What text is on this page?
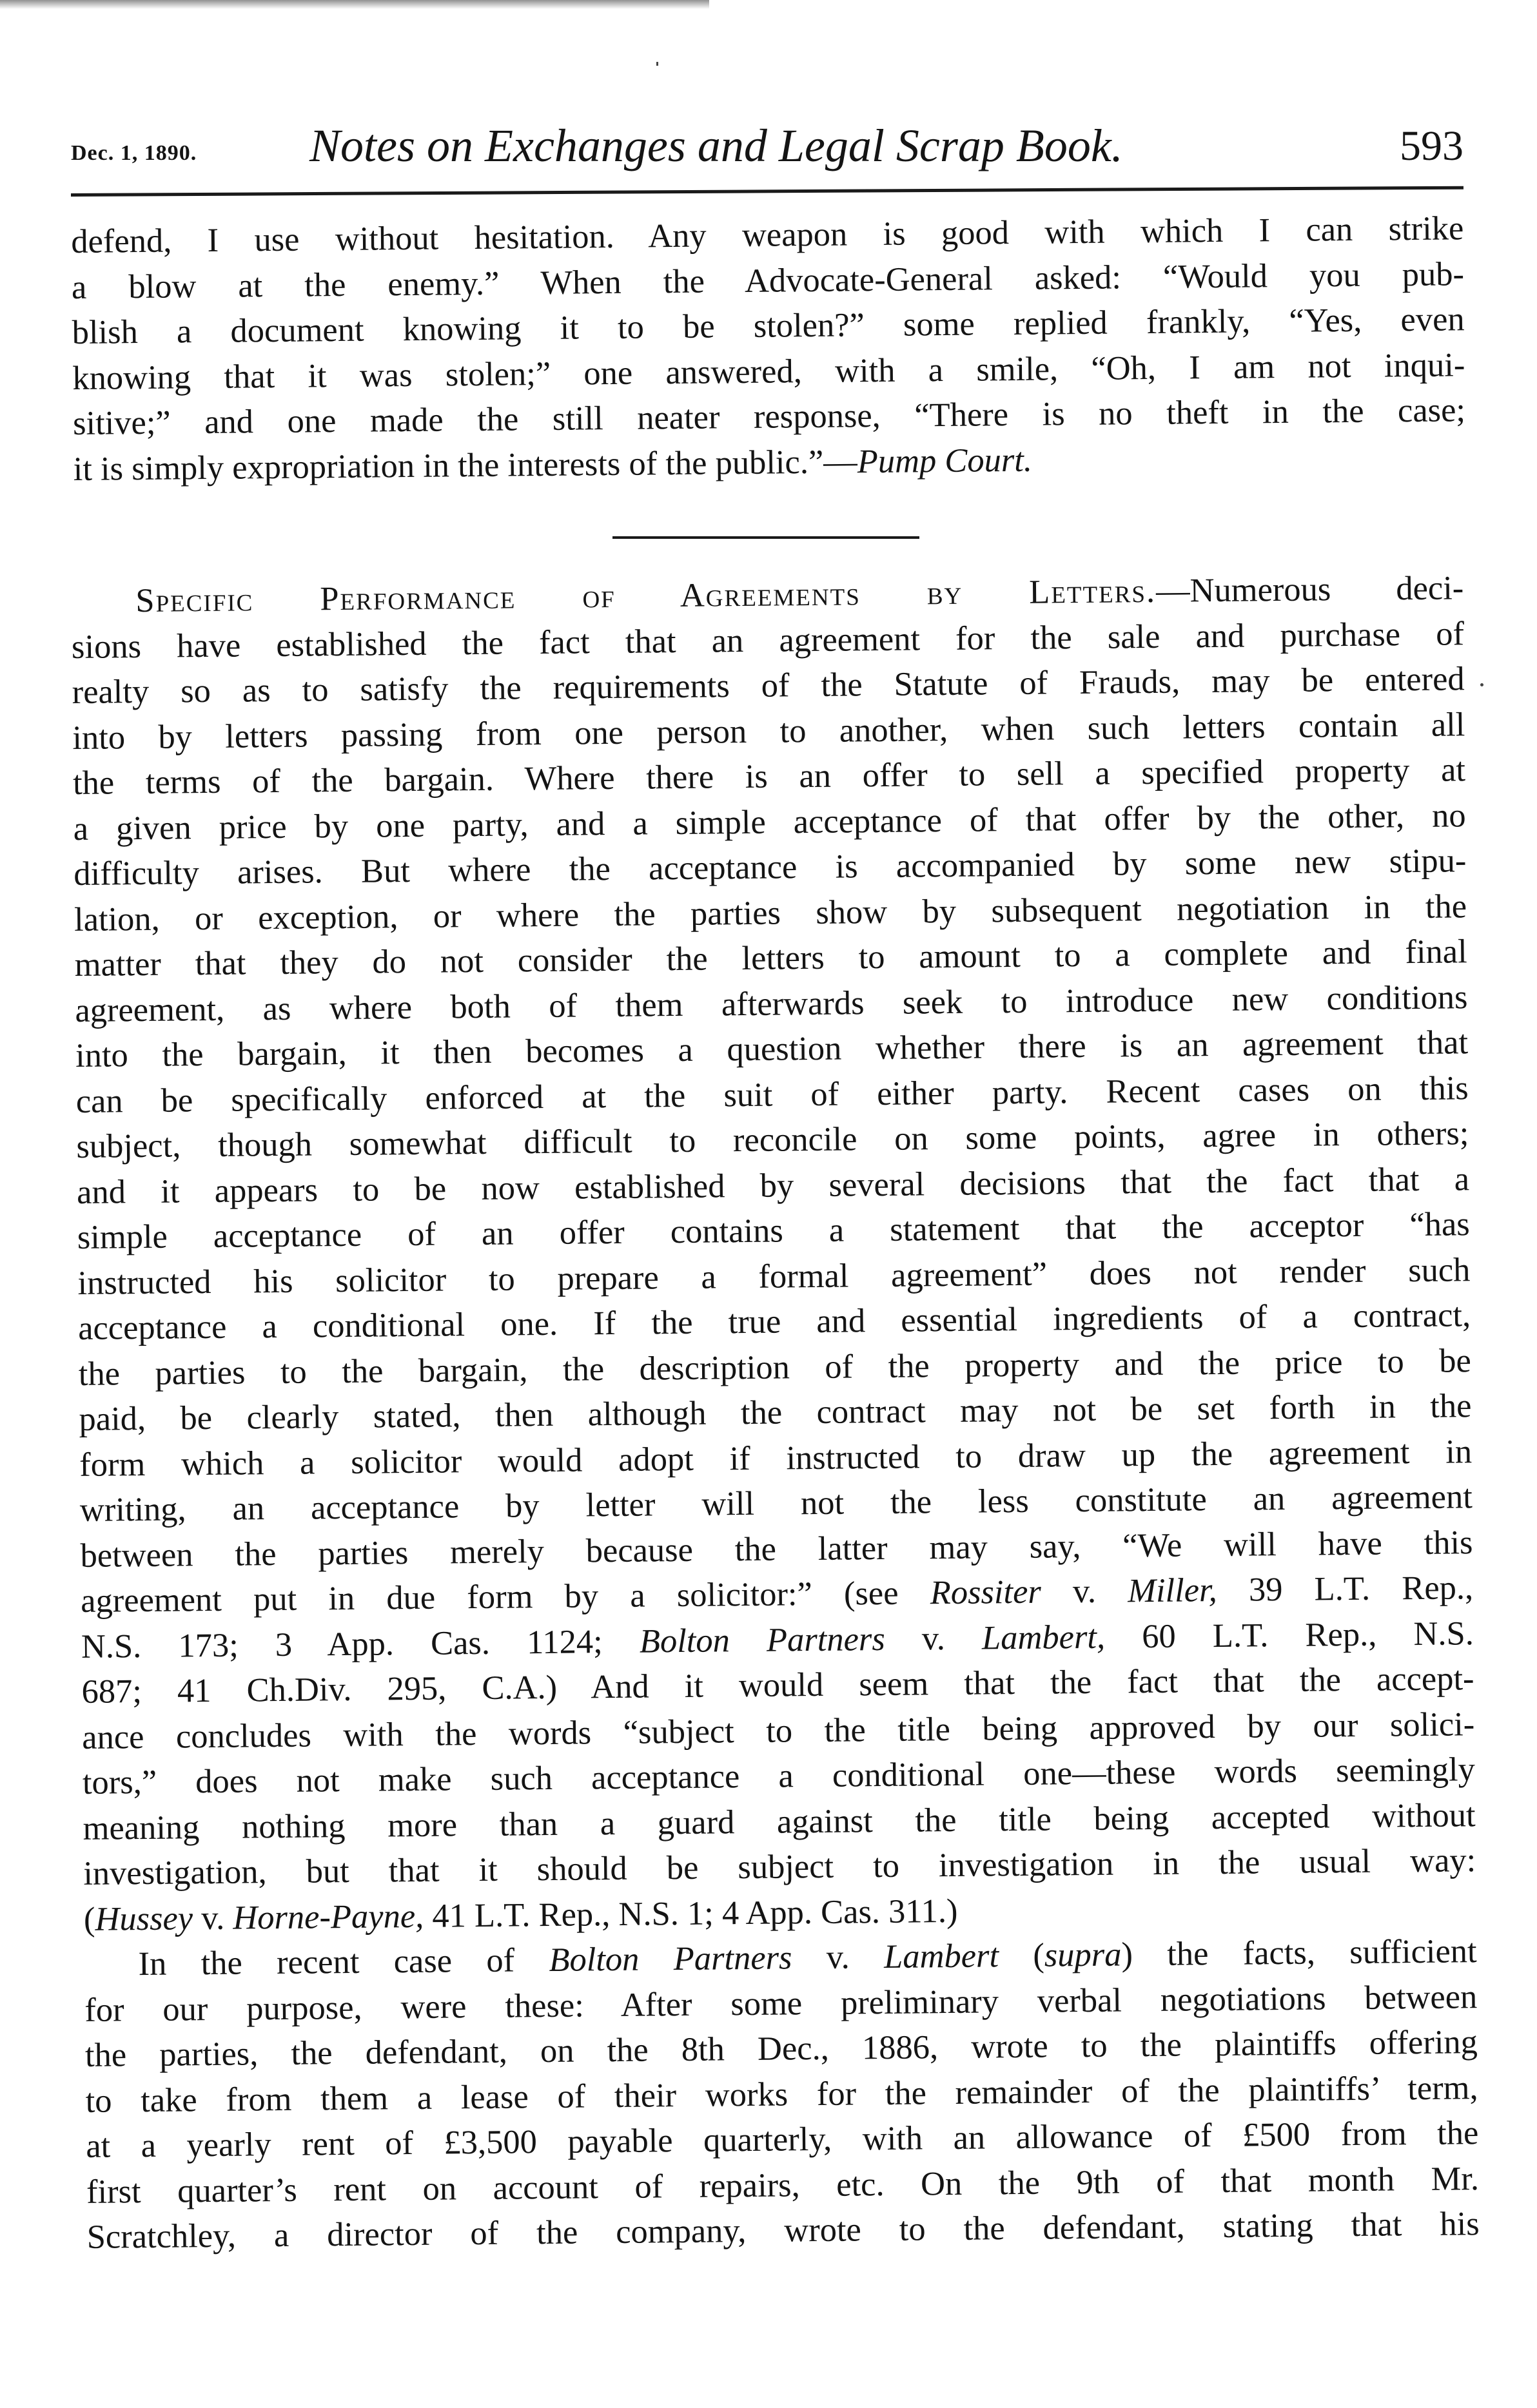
Dec. 1, 1890. Notes on Exchanges and Legal Scrap Book.	593
defend, I use without hesitation. Any weapon is good with which I can strike
a blow at the enemy.” When the Advocate-General asked: “Would you pub-
blish a document knowing it to be stolen?” some replied frankly, “Yes, even
knowing that it was stolen;” one answered, with a smile, “Oh, I am not inqui-
sitive;” and one made the still neater response, “There is no theft in the case;
it is simply expropriation in the interests of the public.”—Pump Court.
Specific Performance of Agreements by Letters.—Numerous deci-
sions have established the fact that an agreement for the sale and purchase of
realty so as to satisfy the requirements of the Statute of Frauds, may be entered
into by letters passing from one person to another, when such letters contain all
the terms of the bargain. Where there is an offer to sell a specified property at
a given price by one party, and a simple acceptance of that offer by the other, no
difficulty arises. But where the acceptance is accompanied by some new stipu-
lation, or exception, or where the parties show by subsequent negotiation in the
matter that they do not consider the letters to amount to a complete and final
agreement, as where both of them afterwards seek to introduce new conditions
into the bargain, it then becomes a question whether there is an agreement that
can be specifically enforced at the suit of either party. Recent cases on this
subject, though somewhat difficult to reconcile on some points, agree in others;
and it appears to be now established by several decisions that the fact that a
simple acceptance of an offer contains a statement that the acceptor “has
instructed his solicitor to prepare a formal agreement” does not render such
acceptance a conditional one. If the true and essential ingredients of a contract,
the parties to the bargain, the description of the property and the price to be
paid, be clearly stated, then although the contract may not be set forth in the
form which a solicitor would adopt if instructed to draw up the agreement in
writing, an acceptance by letter will not the less constitute an agreement
between the parties merely because the latter may say, “We will have this
agreement put in due form by a solicitor:” (see Rossiter v. Miller, 39 L.T. Rep.,
N.S. 173; 3 App. Cas. 1124; Bolton Partners v. Lambert, 60 L.T. Rep., N.S.
687; 41 Ch.Div. 295, C.A.) And it would seem that the fact that the accept-
ance concludes with the words “subject to the title being approved by our solici-
tors,” does not make such acceptance a conditional one—these words seemingly
meaning nothing more than a guard against the title being accepted without
investigation, but that it should be subject to investigation in the usual way:
(Hussey v. Horne-Payne, 41 L.T. Rep., N.S. 1; 4 App. Cas. 311.)
In the recent case of Bolton Partners v. Lambert (supra) the facts, sufficient
for our purpose, were these: After some preliminary verbal negotiations between
the parties, the defendant, on the 8th Dec., 1886, wrote to the plaintiffs offering
to take from them a lease of their works for the remainder of the plaintiffs’ term,
at a yearly rent of £3,500 payable quarterly, with an allowance of £500 from the
first quarter’s rent on account of repairs, etc. On the 9th of that month Mr.
Scratchley, a director of the company, wrote to the defendant, stating that his
